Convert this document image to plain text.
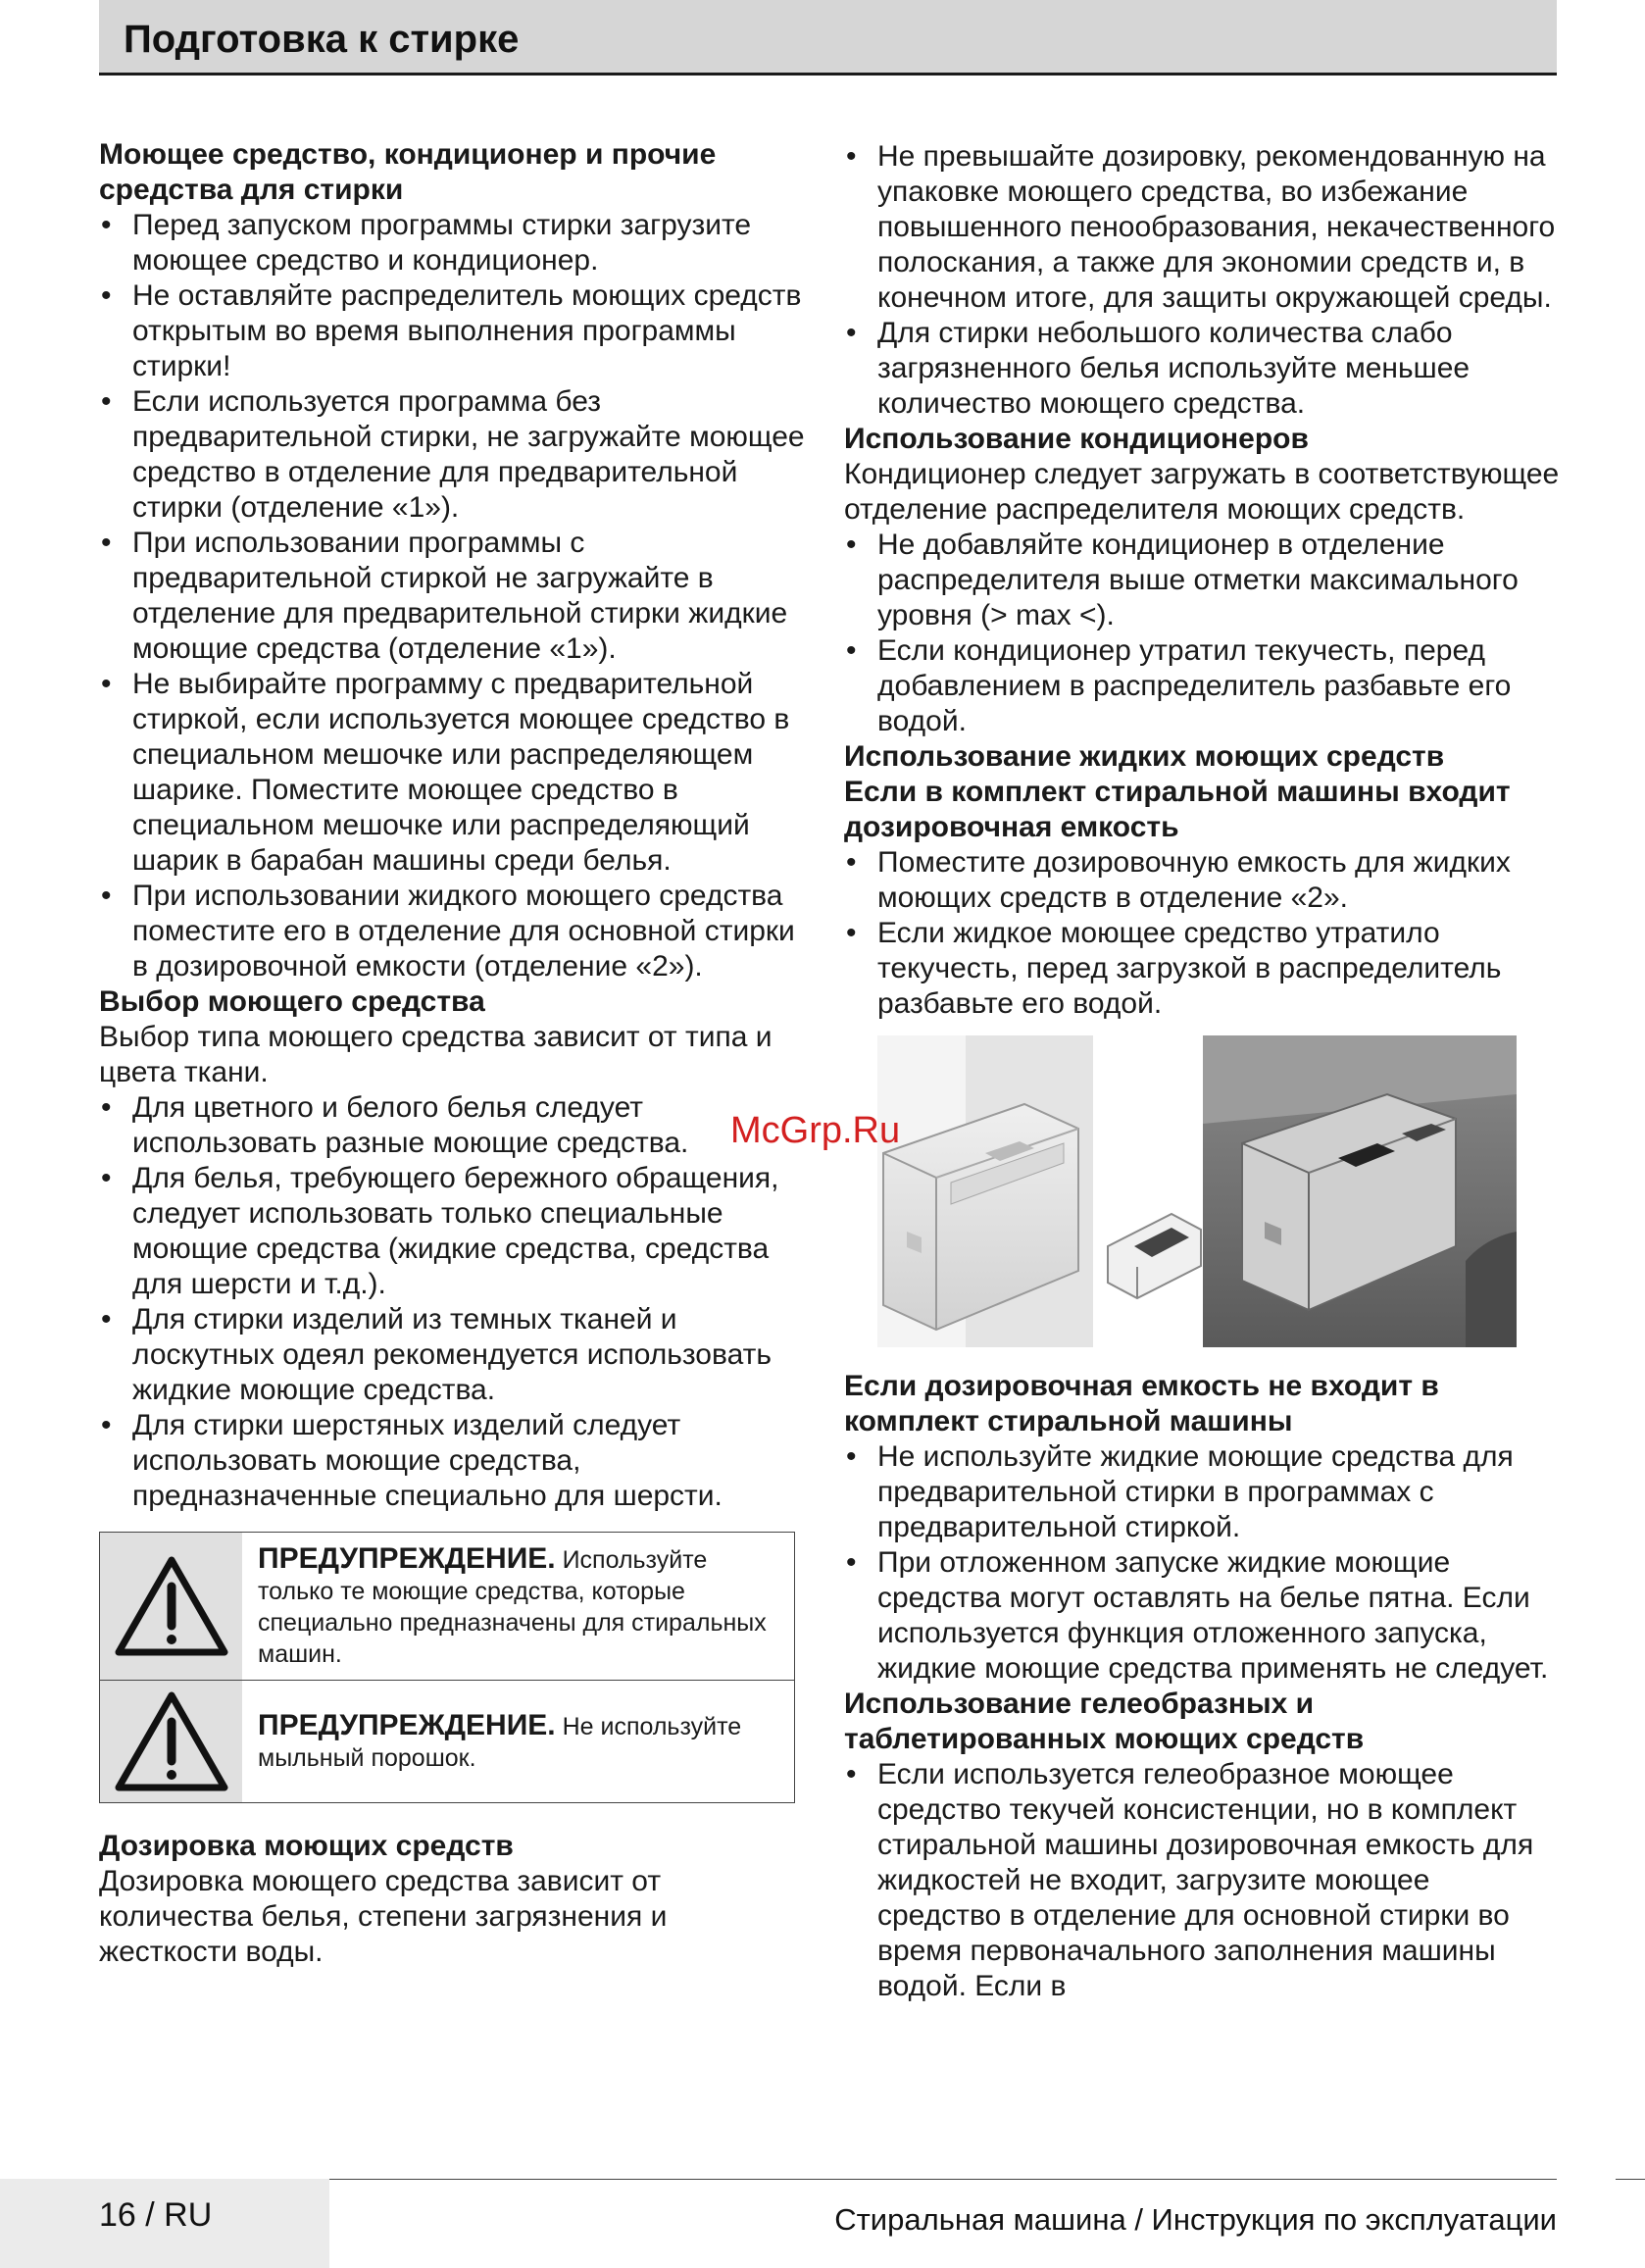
Подготовка к стирке
Моющее средство, кондиционер и прочие средства для стирки
• Перед запуском программы стирки загрузите моющее средство и кондиционер.
• Не оставляйте распределитель моющих средств открытым во время выполнения программы стирки!
• Если используется программа без предварительной стирки, не загружайте моющее средство в отделение для предварительной стирки (отделение «1»).
• При использовании программы с предварительной стиркой не загружайте в отделение для предварительной стирки жидкие моющие средства (отделение «1»).
• Не выбирайте программу с предварительной стиркой, если используется моющее средство в специальном мешочке или распределяющем шарике. Поместите моющее средство в специальном мешочке или распределяющий шарик в барабан машины среди белья.
• При использовании жидкого моющего средства поместите его в отделение для основной стирки в дозировочной емкости (отделение «2»).
Выбор моющего средства

Выбор типа моющего средства зависит от типа и цвета ткани.

• Для цветного и белого белья следует использовать разные моющие средства.
• Для белья, требующего бережного обращения, следует использовать только специальные моющие средства (жидкие средства, средства для шерсти и т.д.).
• Для стирки изделий из темных тканей и лоскутных одеял рекомендуется использовать жидкие моющие средства.
• Для стирки шерстяных изделий следует использовать моющие средства, предназначенные специально для шерсти.
ПРЕДУПРЕЖДЕНИЕ. Используйте только те моющие средства, которые специально предназначены для стиральных машин.
ПРЕДУПРЕЖДЕНИЕ. Не используйте мыльный порошок.
Дозировка моющих средств

Дозировка моющего средства зависит от количества белья, степени загрязнения и жесткости воды.

• Не превышайте дозировку, рекомендованную на упаковке моющего средства, во избежание повышенного пенообразования, некачественного полоскания, а также для экономии средств и, в конечном итоге, для защиты окружающей среды.
• Для стирки небольшого количества слабо загрязненного белья используйте меньшее количество моющего средства.
Использование кондиционеров

Кондиционер следует загружать в соответствующее отделение распределителя моющих средств.

• Не добавляйте кондиционер в отделение распределителя выше отметки максимального уровня (> max <).
• Если кондиционер утратил текучесть, перед добавлением в распределитель разбавьте его водой.
Использование жидких моющих средств
Если в комплект стиральной машины входит дозировочная емкость
• Поместите дозировочную емкость для жидких моющих средств в отделение «2».
• Если жидкое моющее средство утратило текучесть, перед загрузкой в распределитель разбавьте его водой.
Если дозировочная емкость не входит в комплект стиральной машины
• Не используйте жидкие моющие средства для предварительной стирки в программах с предварительной стиркой.
• При отложенном запуске жидкие моющие средства могут оставлять на белье пятна. Если используется функция отложенного запуска, жидкие моющие средства применять не следует.
Использование гелеобразных и таблетированных моющих средств
• Если используется гелеобразное моющее средство текучей консистенции, но в комплект стиральной машины дозировочная емкость для жидкостей не входит, загрузите моющее средство в отделение для основной стирки во время первоначального заполнения машины водой. Если в
McGrp.Ru
16 / RU	Стиральная машина / Инструкция по эксплуатации
